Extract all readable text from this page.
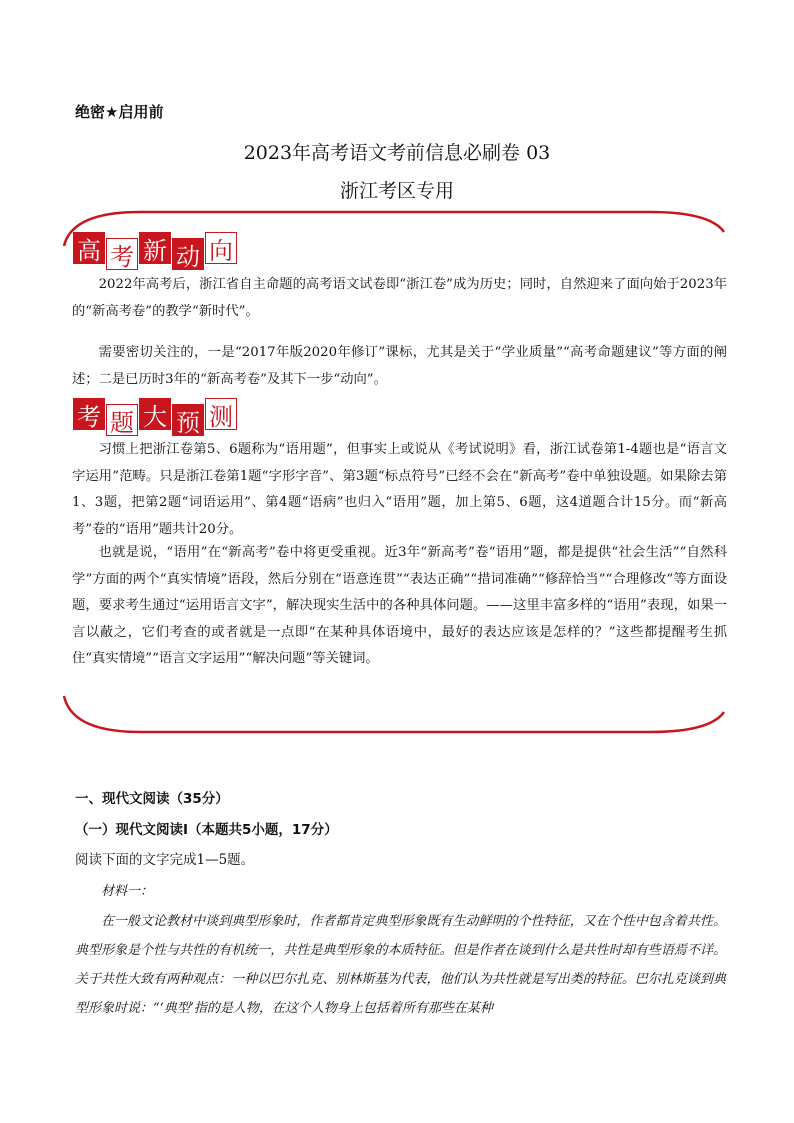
绝密★启用前
2023年高考语文考前信息必刷卷 03
浙江考区专用
高 考 新 动 向
2022年高考后，浙江省自主命题的高考语文试卷即“浙江卷”成为历史；同时，自然迎来了面向始于2023年的“新高考卷”的教学“新时代”。
需要密切关注的，一是“2017年版2020年修订”课标，尤其是关于“学业质量”“高考命题建议”等方面的阐述；二是已历时3年的“新高考卷”及其下一步“动向”。
考 题 大 预 测
习惯上把浙江卷第5、6题称为“语用题”，但事实上或说从《考试说明》看，浙江试卷第1-4题也是“语言文字运用”范畴。只是浙江卷第1题“字形字音”、第3题“标点符号”已经不会在“新高考”卷中单独设题。如果除去第1、3题，把第2题“词语运用”、第4题“语病”也归入“语用”题，加上第5、6题，这4道题合计15分。而“新高考”卷的“语用”题共计20分。
也就是说，“语用”在“新高考”卷中将更受重视。近3年“新高考”卷“语用”题，都是提供“社会生活”“自然科学”方面的两个“真实情境”语段，然后分别在“语意连贯”“表达正确”“措词准确”“修辞恰当”“合理修改”等方面设题，要求考生通过“运用语言文字”，解决现实生活中的各种具体问题。——这里丰富多样的“语用”表现，如果一言以蔽之，它们考查的或者就是一点即“在某种具体语境中，最好的表达应该是怎样的？”这些都提醒考生抓住“真实情境”“语言文字运用”“解决问题”等关键词。
一、现代文阅读（35分）
（一）现代文阅读Ⅰ（本题共5小题，17分）
阅读下面的文字完成1—5题。
材料一：
在一般文论教材中谈到典型形象时，作者都肯定典型形象既有生动鲜明的个性特征，又在个性中包含着共性。典型形象是个性与共性的有机统一，共性是典型形象的本质特征。但是作者在谈到什么是共性时却有些语焉不详。关于共性大致有两种观点：一种以巴尔扎克、别林斯基为代表，他们认为共性就是写出类的特征。巴尔扎克谈到典型形象时说：“‘典型’指的是人物，在这个人物身上包括着所有那些在某种
